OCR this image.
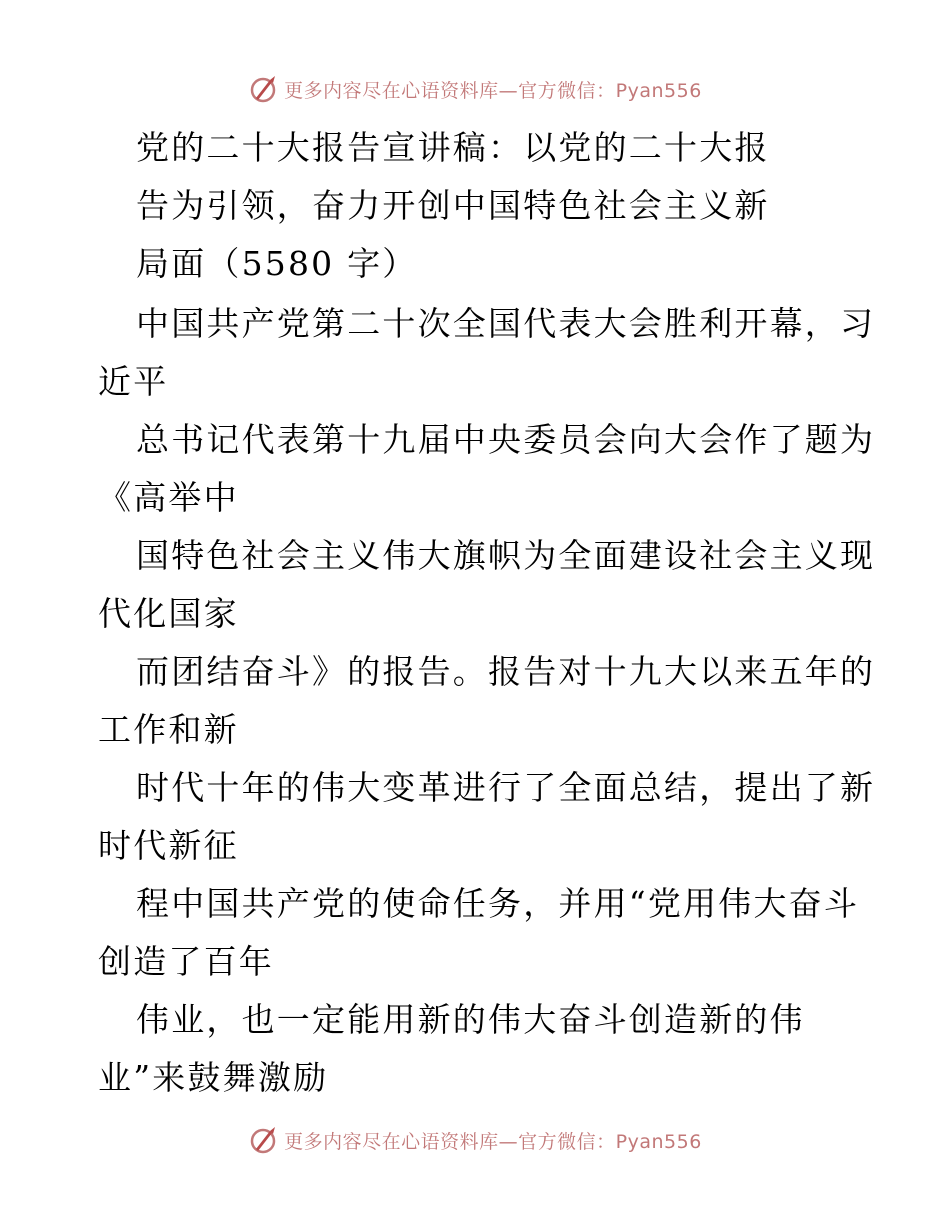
更多内容尽在心语资料库—官方微信：Pyan556
党的二十大报告宣讲稿：以党的二十大报
告为引领，奋力开创中国特色社会主义新
局面（5580 字）
中国共产党第二十次全国代表大会胜利开幕，习
近平
总书记代表第十九届中央委员会向大会作了题为
《高举中
国特色社会主义伟大旗帜为全面建设社会主义现
代化国家
而团结奋斗》的报告。报告对十九大以来五年的
工作和新
时代十年的伟大变革进行了全面总结，提出了新
时代新征
程中国共产党的使命任务，并用“党用伟大奋斗
创造了百年
伟业，也一定能用新的伟大奋斗创造新的伟
业”来鼓舞激励
更多内容尽在心语资料库—官方微信：Pyan556
